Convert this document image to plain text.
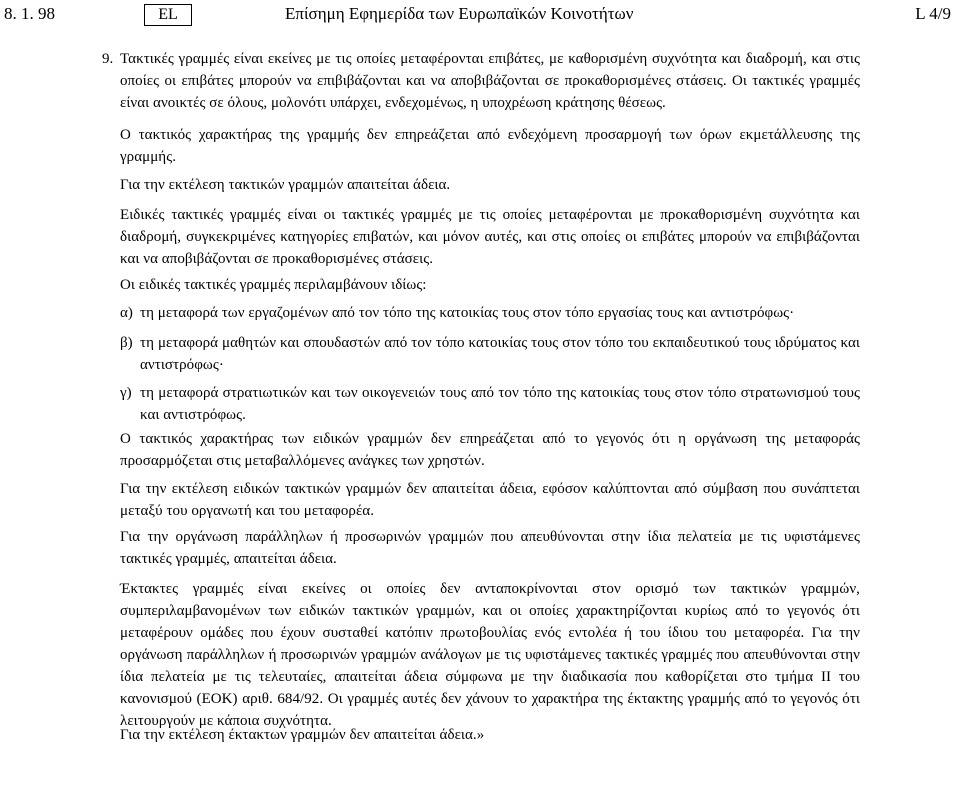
8. 1. 98	EL	Επίσημη Εφημερίδα των Ευρωπαϊκών Κοινοτήτων	L 4/9
9. Τακτικές γραμμές είναι εκείνες με τις οποίες μεταφέρονται επιβάτες, με καθορισμένη συχνότητα και διαδρομή, και στις οποίες οι επιβάτες μπορούν να επιβιβάζονται και να αποβιβάζονται σε προκαθορισμένες στάσεις. Οι τακτικές γραμμές είναι ανοικτές σε όλους, μολονότι υπάρχει, ενδεχομένως, η υποχρέωση κράτησης θέσεως.
Ο τακτικός χαρακτήρας της γραμμής δεν επηρεάζεται από ενδεχόμενη προσαρμογή των όρων εκμετάλλευσης της γραμμής.
Για την εκτέλεση τακτικών γραμμών απαιτείται άδεια.
Ειδικές τακτικές γραμμές είναι οι τακτικές γραμμές με τις οποίες μεταφέρονται με προκαθορισμένη συχνότητα και διαδρομή, συγκεκριμένες κατηγορίες επιβατών, και μόνον αυτές, και στις οποίες οι επιβάτες μπορούν να επιβιβάζονται και να αποβιβάζονται σε προκαθορισμένες στάσεις.
Οι ειδικές τακτικές γραμμές περιλαμβάνουν ιδίως:
α) τη μεταφορά των εργαζομένων από τον τόπο της κατοικίας τους στον τόπο εργασίας τους και αντιστρόφως·
β) τη μεταφορά μαθητών και σπουδαστών από τον τόπο κατοικίας τους στον τόπο του εκπαιδευτικού τους ιδρύματος και αντιστρόφως·
γ) τη μεταφορά στρατιωτικών και των οικογενειών τους από τον τόπο της κατοικίας τους στον τόπο στρατωνισμού τους και αντιστρόφως.
Ο τακτικός χαρακτήρας των ειδικών γραμμών δεν επηρεάζεται από το γεγονός ότι η οργάνωση της μεταφοράς προσαρμόζεται στις μεταβαλλόμενες ανάγκες των χρηστών.
Για την εκτέλεση ειδικών τακτικών γραμμών δεν απαιτείται άδεια, εφόσον καλύπτονται από σύμβαση που συνάπτεται μεταξύ του οργανωτή και του μεταφορέα.
Για την οργάνωση παράλληλων ή προσωρινών γραμμών που απευθύνονται στην ίδια πελατεία με τις υφιστάμενες τακτικές γραμμές, απαιτείται άδεια.
Έκτακτες γραμμές είναι εκείνες οι οποίες δεν ανταποκρίνονται στον ορισμό των τακτικών γραμμών, συμπεριλαμβανομένων των ειδικών τακτικών γραμμών, και οι οποίες χαρακτηρίζονται κυρίως από το γεγονός ότι μεταφέρουν ομάδες που έχουν συσταθεί κατόπιν πρωτοβουλίας ενός εντολέα ή του ίδιου του μεταφορέα. Για την οργάνωση παράλληλων ή προσωρινών γραμμών ανάλογων με τις υφιστάμενες τακτικές γραμμές που απευθύνονται στην ίδια πελατεία με τις τελευταίες, απαιτείται άδεια σύμφωνα με την διαδικασία που καθορίζεται στο τμήμα II του κανονισμού (ΕΟΚ) αριθ. 684/92. Οι γραμμές αυτές δεν χάνουν το χαρακτήρα της έκτακτης γραμμής από το γεγονός ότι λειτουργούν με κάποια συχνότητα.
Για την εκτέλεση έκτακτων γραμμών δεν απαιτείται άδεια.»
